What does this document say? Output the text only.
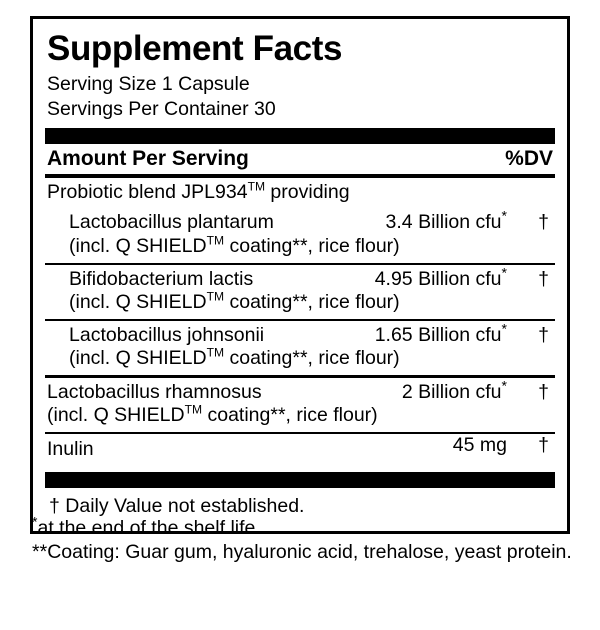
Supplement Facts
Serving Size 1 Capsule
Servings Per Container 30
Amount Per Serving	%DV
Probiotic blend JPL934™ providing
Lactobacillus plantarum	3.4 Billion cfu* †
(incl. Q SHIELD™ coating**, rice flour)
Bifidobacterium lactis	4.95 Billion cfu* †
(incl. Q SHIELD™ coating**, rice flour)
Lactobacillus johnsonii	1.65 Billion cfu* †
(incl. Q SHIELD™ coating**, rice flour)
Lactobacillus rhamnosus	2 Billion cfu* †
(incl. Q SHIELD™ coating**, rice flour)
Inulin	45 mg †
† Daily Value not established.

*at the end of the shelf life

**Coating: Guar gum, hyaluronic acid, trehalose, yeast protein.
